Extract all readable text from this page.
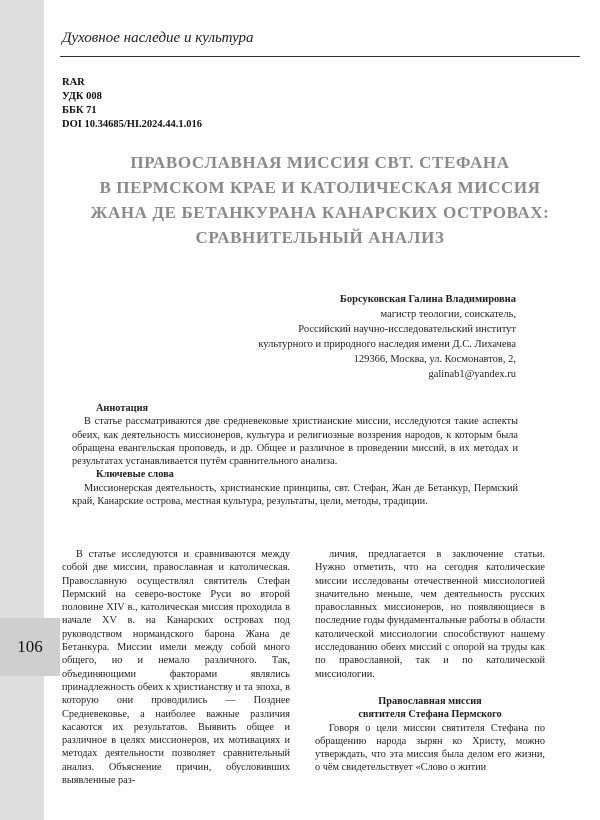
106
Духовное наследие и культура
RAR
УДК 008
ББК 71
DOI 10.34685/HI.2024.44.1.016
ПРАВОСЛАВНАЯ МИССИЯ СВТ. СТЕФАНА
В ПЕРМСКОМ КРАЕ И КАТОЛИЧЕСКАЯ МИССИЯ
ЖАНА ДЕ БЕТАНКУРАНА КАНАРСКИХ ОСТРОВАХ:
СРАВНИТЕЛЬНЫЙ АНАЛИЗ
Борсуковская Галина Владимировна
магистр теологии, соискатель,
Российский научно-исследовательский институт
культурного и природного наследия имени Д.С. Лихачева
129366, Москва, ул. Космонавтов, 2,
galinab1@yandex.ru
Аннотация

В статье рассматриваются две средневековые христианские миссии, исследуются такие аспекты обеих, как деятельность миссионеров, культура и религиозные воззрения народов, к которым была обращена евангельская проповедь, и др. Общее и различное в проведении миссий, в их методах и результатах устанавливается путём сравнительного анализа.

Ключевые слова

Миссионерская деятельность, христианские принципы, свт. Стефан, Жан де Бетанкур, Пермский край, Канарские острова, местная культура, результаты, цели, методы, традиции.

В статье исследуются и сравниваются между собой две миссии, православная и католическая. Православную осуществлял святитель Стефан Пермский на северо-востоке Руси во второй половине XIV в., католическая миссия проходила в начале XV в. на Канарских островах под руководством нормандского барона Жана де Бетанкура. Миссии имели между собой много общего, но и немало различного. Так, объединяющими факторами являлись принадлежность обеих к христианству и та эпоха, в которую они проводились — Позднее Средневековье, а наиболее важные различия касаются их результатов. Выявить общее и различное в целях миссионеров, их мотивациях и методах деятельности позволяет сравнительный анализ. Объяснение причин, обусловивших выявленные раз-

личия, предлагается в заключение статьи. Нужно отметить, что на сегодня католические миссии исследованы отечественной миссиологией значительно меньше, чем деятельность русских православных миссионеров, но появляющиеся в последние годы фундаментальные работы в области католической миссиологии способствуют нашему исследованию обеих миссий с опорой на труды как по православной, так и по католической миссиологии.

Православная миссия
святителя Стефана Пермского

Говоря о цели миссии святителя Стефана по обращению народа зырян ко Христу, можно утверждать, что эта миссия была делом его жизни, о чём свидетельствует «Слово о житии
